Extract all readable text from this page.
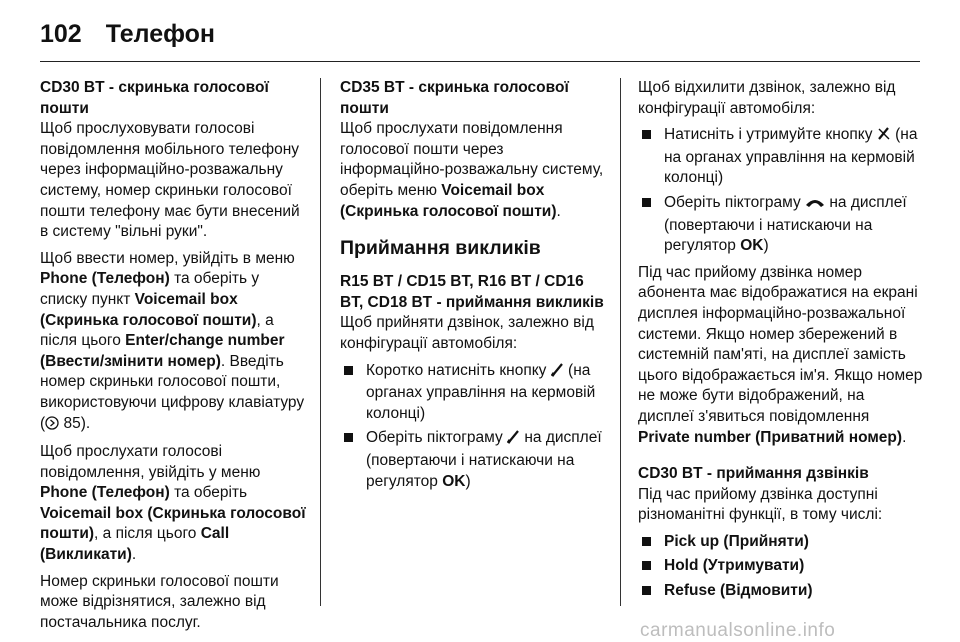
102 Телефон
CD30 BT - скринька голосової пошти

Щоб прослуховувати голосові повідомлення мобільного телефону через інформаційно-розважальну систему, номер скриньки голосової пошти телефону має бути внесений в систему "вільні руки".

Щоб ввести номер, увійдіть в меню Phone (Телефон) та оберіть у списку пункт Voicemail box (Скринька голосової пошти), а після цього Enter/change number (Ввести/змінити номер). Введіть номер скриньки голосової пошти, використовуючи цифрову клавіатуру ( 85).

Щоб прослухати голосові повідомлення, увійдіть у меню Phone (Телефон) та оберіть Voicemail box (Скринька голосової пошти), а після цього Call (Викликати).

Номер скриньки голосової пошти може відрізнятися, залежно від постачальника послуг.

CD35 BT - скринька голосової пошти

Щоб прослухати повідомлення голосової пошти через інформаційно-розважальну систему, оберіть меню Voicemail box (Скринька голосової пошти).

Приймання викликів
R15 BT / CD15 BT, R16 BT / CD16 BT, CD18 BT - приймання викликів

Щоб прийняти дзвінок, залежно від конфігурації автомобіля:

Коротко натисніть кнопку  (на органах управління на кермовій колонці)
Оберіть піктограму  на дисплеї (повертаючи і натискаючи на регулятор OK)

Щоб відхилити дзвінок, залежно від конфігурації автомобіля:

Натисніть і утримуйте кнопку  (на на органах управління на кермовій колонці)
Оберіть піктограму  на дисплеї (повертаючи і натискаючи на регулятор OK)

Під час прийому дзвінка номер абонента має відображатися на екрані дисплея інформаційно-розважальної системи. Якщо номер збережений в системній пам'яті, на дисплеї замість цього відображається ім'я. Якщо номер не може бути відображений, на дисплеї з'явиться повідомлення Private number (Приватний номер).

CD30 BT - приймання дзвінків

Під час прийому дзвінка доступні різноманітні функції, в тому числі:

Pick up (Прийняти)
Hold (Утримувати)
Refuse (Відмовити)
carmanualsonline.info
